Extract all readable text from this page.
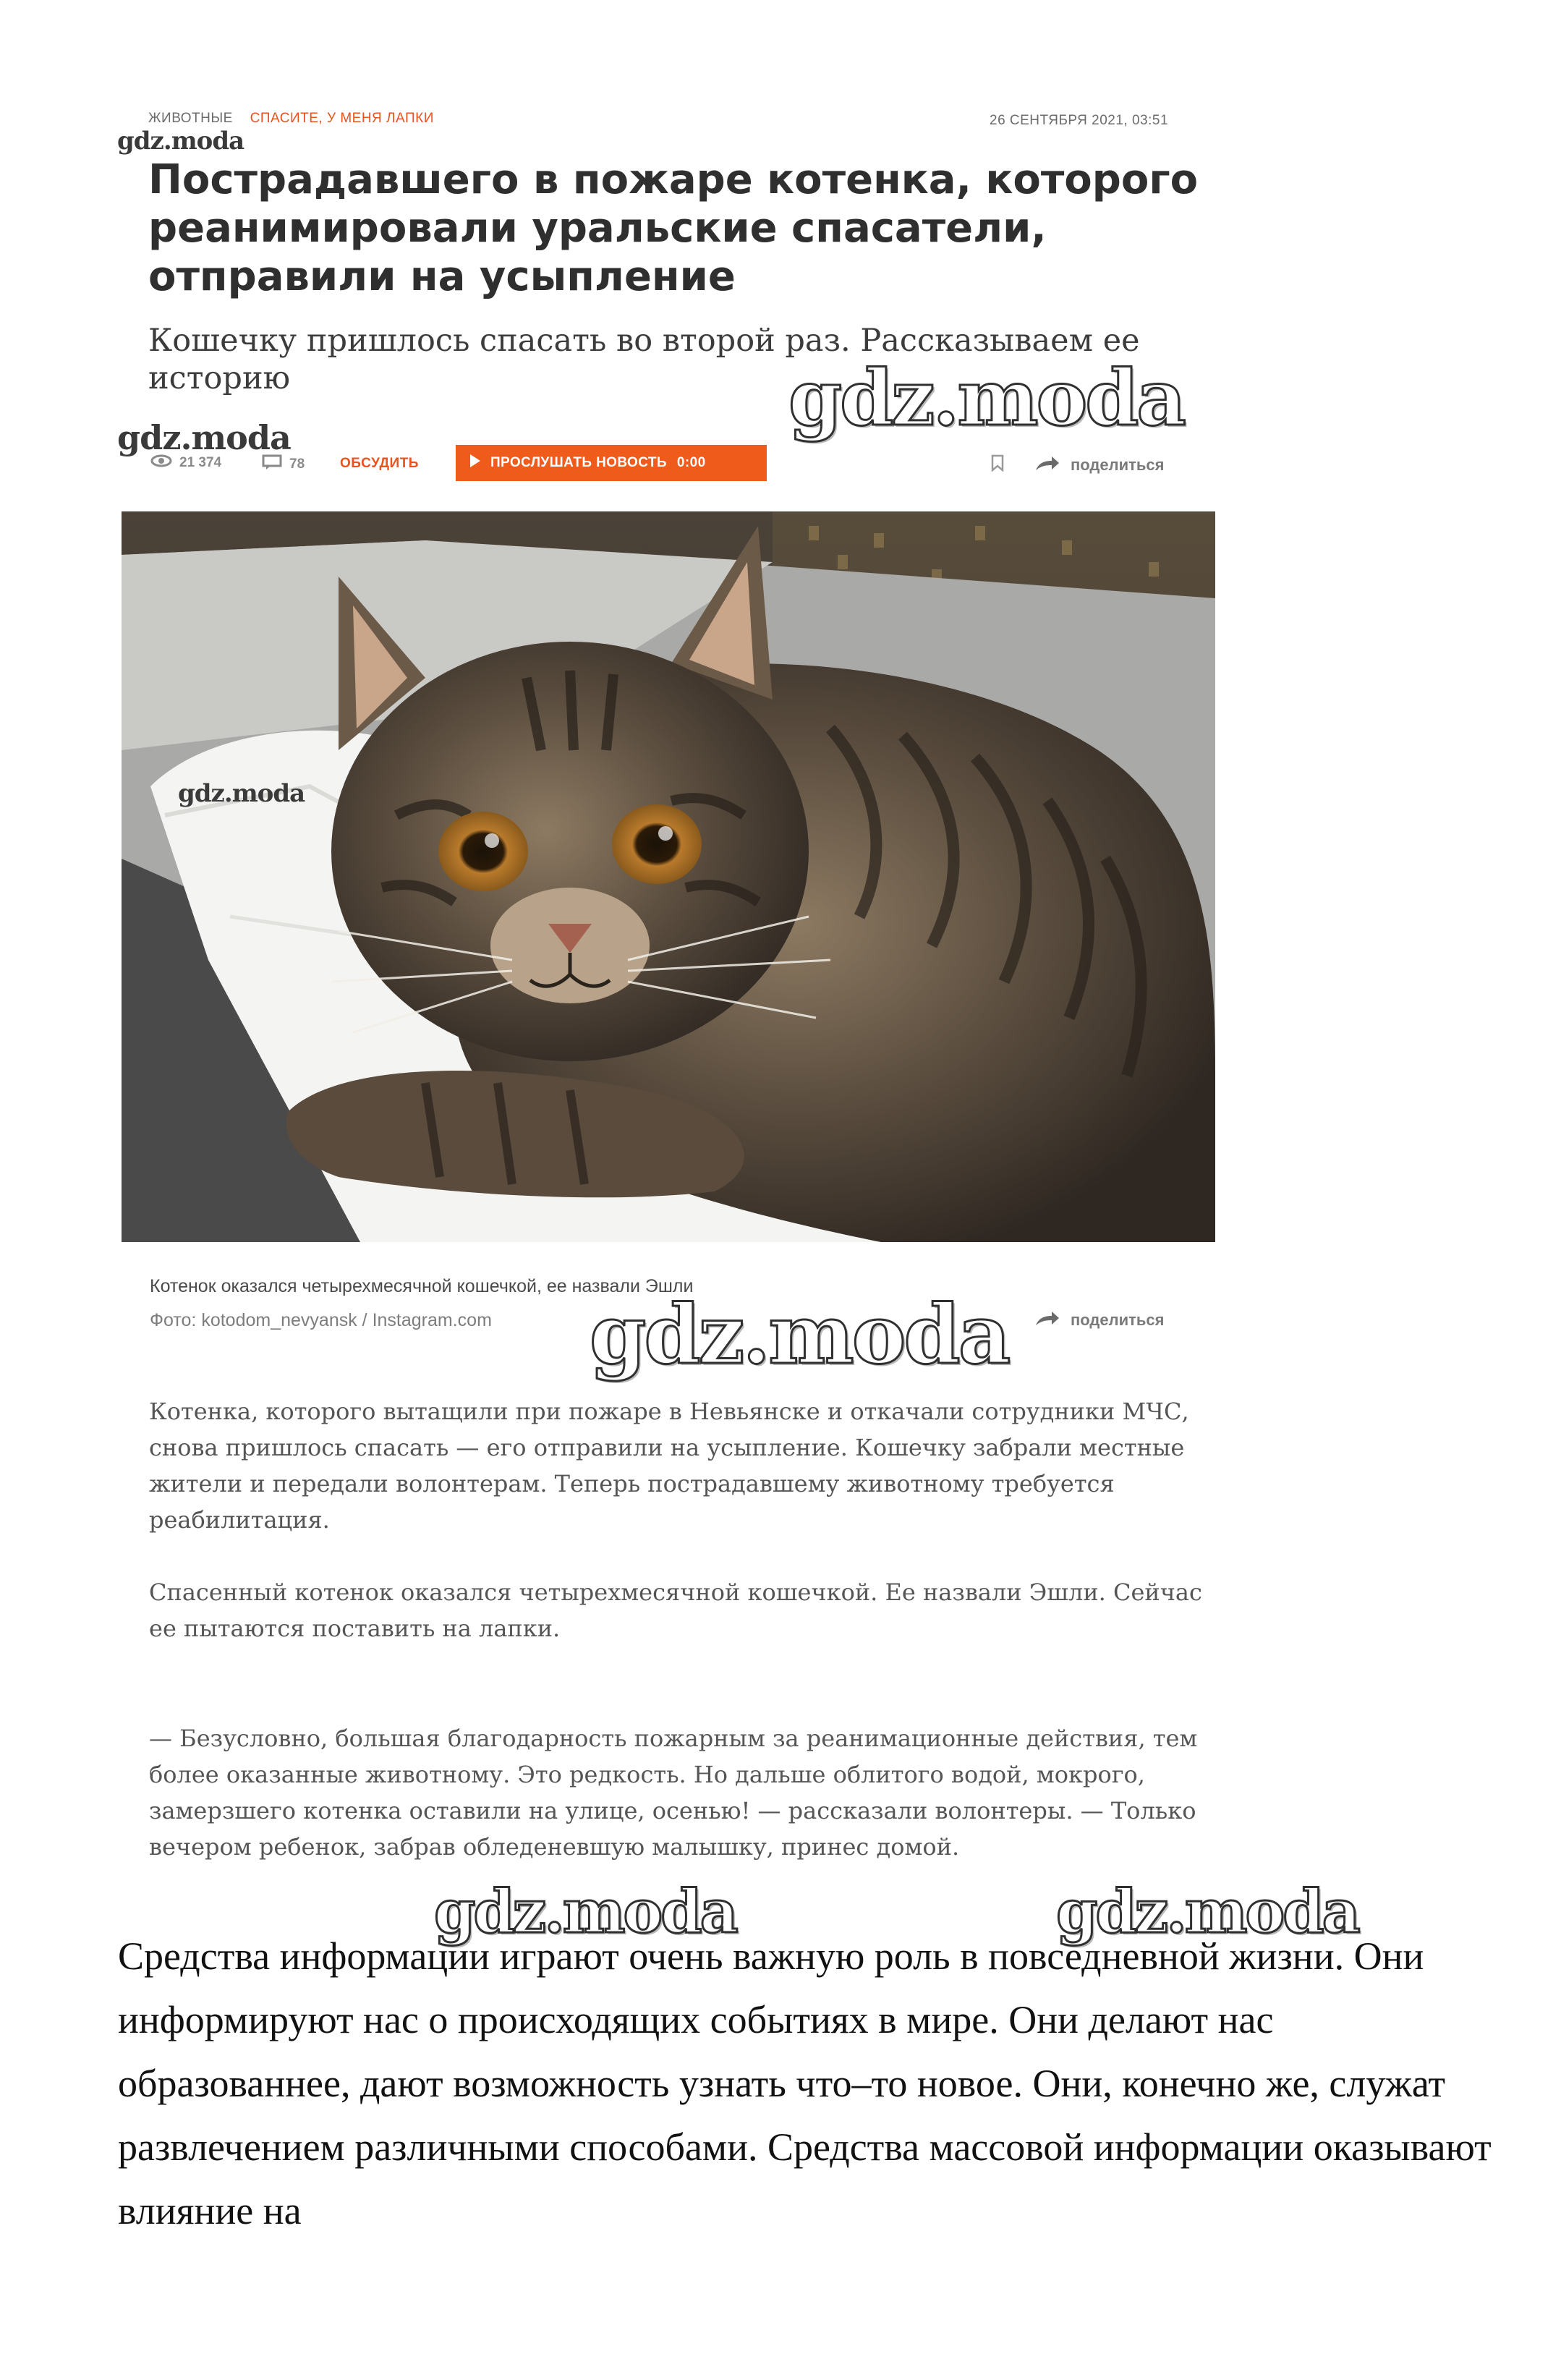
ЖИВОТНЫЕ СПАСИТЕ, У МЕНЯ ЛАПКИ	26 СЕНТЯБРЯ 2021, 03:51
gdz.moda
Пострадавшего в пожаре котенка, которого реанимировали уральские спасатели, отправили на усыпление

Кошечку пришлось спасать во второй раз. Рассказываем ее историю	gdz.moda
gdz.moda
21 374	78	ОБСУДИТЬ	ПРОСЛУШАТЬ НОВОСТЬ 0:00	поделиться
gdz.moda
Котенок оказался четырехмесячной кошечкой, ее назвали Эшли
Фото: kotodom_nevyansk / Instagram.com	поделиться
gdz.moda

Котенка, которого вытащили при пожаре в Невьянске и откачали сотрудники МЧС, снова пришлось спасать — его отправили на усыпление. Кошечку забрали местные жители и передали волонтерам. Теперь пострадавшему животному требуется реабилитация.

Спасенный котенок оказался четырехмесячной кошечкой. Ее назвали Эшли. Сейчас ее пытаются поставить на лапки.

— Безусловно, большая благодарность пожарным за реанимационные действия, тем более оказанные животному. Это редкость. Но дальше облитого водой, мокрого, замерзшего котенка оставили на улице, осенью! — рассказали волонтеры. — Только вечером ребенок, забрав обледеневшую малышку, принес домой.

gdz.moda	gdz.moda

Средства информации играют очень важную роль в повседневной жизни. Они информируют нас о происходящих событиях в мире. Они делают нас образованнее, дают возможность узнать что–то новое. Они, конечно же, служат развлечением различными способами. Средства массовой информации оказывают влияние на
